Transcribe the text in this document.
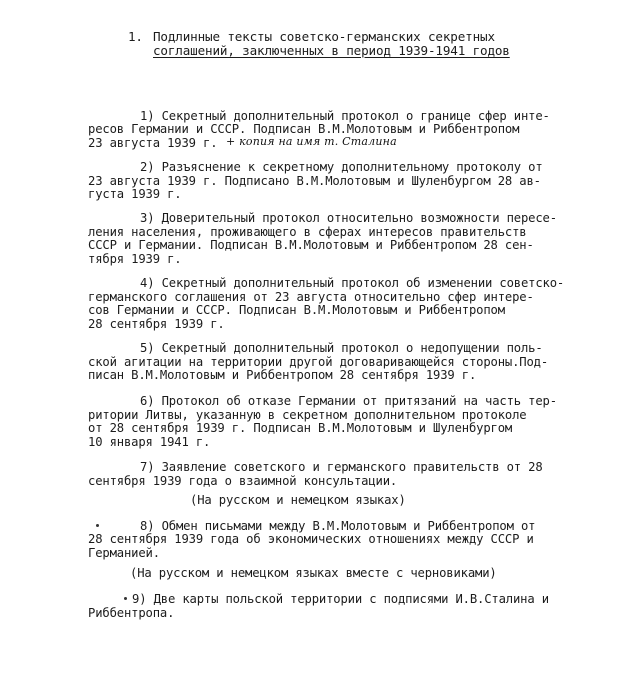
1. Подлинные тексты советско-германских секретных
соглашений, заключенных в период 1939-1941 годов
1) Секретный дополнительный протокол о границе сфер инте-
ресов Германии и СССР. Подписан В.М.Молотовым и Риббентропом
23 августа 1939 г. + копия на имя т. Сталина
2) Разъяснение к секретному дополнительному протоколу от
23 августа 1939 г. Подписано В.М.Молотовым и Шуленбургом 28 ав-
густа 1939 г.
3) Доверительный протокол относительно возможности пересе-
ления населения, проживающего в сферах интересов правительств
СССР и Германии. Подписан В.М.Молотовым и Риббентропом 28 сен-
тября 1939 г.
4) Секретный дополнительный протокол об изменении советско-
германского соглашения от 23 августа относительно сфер интере-
сов Германии и СССР. Подписан В.М.Молотовым и Риббентропом
28 сентября 1939 г.
5) Секретный дополнительный протокол о недопущении поль-
ской агитации на территории другой договаривающейся стороны.Под-
писан В.М.Молотовым и Риббентропом 28 сентября 1939 г.
6) Протокол об отказе Германии от притязаний на часть тер-
ритории Литвы, указанную в секретном дополнительном протоколе
от 28 сентября 1939 г. Подписан В.М.Молотовым и Шуленбургом
10 января 1941 г.
7) Заявление советского и германского правительств от 28
сентября 1939 года о взаимной консультации.
(На русском и немецком языках)
8) Обмен письмами между В.М.Молотовым и Риббентропом от
28 сентября 1939 года об экономических отношениях между СССР и
Германией.
(На русском и немецком языках вместе с черновиками)
9) Две карты польской территории с подписями И.В.Сталина и
Риббентропа.
